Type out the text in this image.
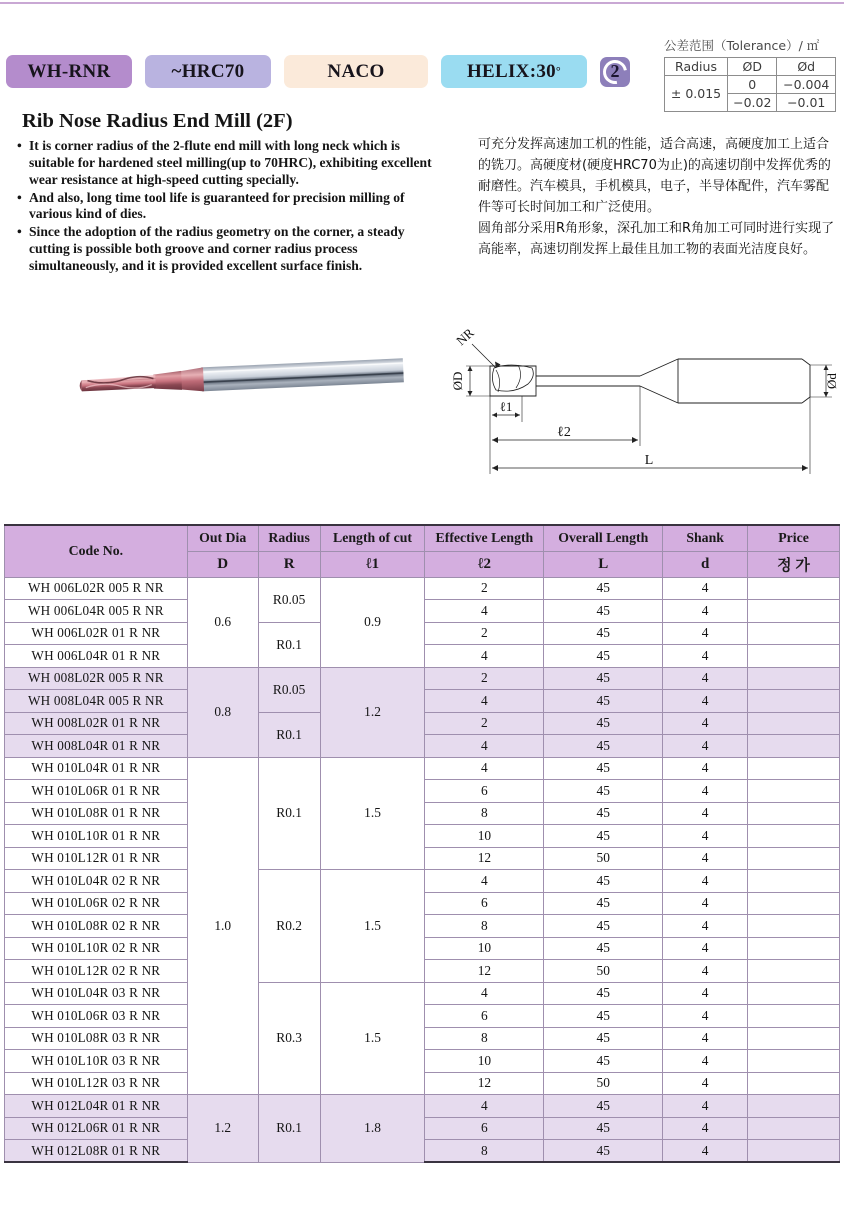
WH-RNR	~HRC70	NACO	HELIX:30 °	2
公差范围（Tolerance）/ ㎡
Radius	ØD	Ød
± 0.015	0	−0.004
	−0.02	−0.01
Rib Nose Radius End Mill (2F)
• It is corner radius of the 2-flute end mill with long neck which is suitable for hardened steel milling(up to 70HRC), exhibiting excellent wear resistance at high-speed cutting specially.
• And also, long time tool life is guaranteed for precision milling of various kind of dies.
• Since the adoption of the radius geometry on the corner, a steady cutting is possible both groove and corner radius process simultaneously, and it is provided excellent surface finish.

可充分发挥高速加工机的性能，适合高速，高硬度加工上适合的铣刀。高硬度材(硬度HRC70为止)的高速切削中发挥优秀的耐磨性。汽车模具，手机模具，电子，半导体配件，汽车雾配件等可长时间加工和广泛使用。

圆角部分采用R角形象，深孔加工和R角加工可同时进行实现了高能率，高速切削发挥上最佳且加工物的表面光洁度良好。

ØD	Ød
NR
ℓ1
ℓ2
L
Code No.	Out Dia	Radius	Length of cut	Effective Length	Overall Length	Shank	Price
	D	R	ℓ1	ℓ2	L	d	정 가
WH 006L02R 005 R NR	0.6	R0.05	0.9	2	45	4	
WH 006L04R 005 R NR				4	45	4	
WH 006L02R 01 R NR		R0.1		2	45	4	
WH 006L04R 01 R NR				4	45	4	
WH 008L02R 005 R NR	0.8	R0.05	1.2	2	45	4	
WH 008L04R 005 R NR				4	45	4	
WH 008L02R 01 R NR		R0.1		2	45	4	
WH 008L04R 01 R NR				4	45	4	
WH 010L04R 01 R NR	1.0	R0.1	1.5	4	45	4	
WH 010L06R 01 R NR				6	45	4	
WH 010L08R 01 R NR				8	45	4	
WH 010L10R 01 R NR				10	45	4	
WH 010L12R 01 R NR				12	50	4	
WH 010L04R 02 R NR		R0.2	1.5	4	45	4	
WH 010L06R 02 R NR				6	45	4	
WH 010L08R 02 R NR				8	45	4	
WH 010L10R 02 R NR				10	45	4	
WH 010L12R 02 R NR				12	50	4	
WH 010L04R 03 R NR		R0.3	1.5	4	45	4	
WH 010L06R 03 R NR				6	45	4	
WH 010L08R 03 R NR				8	45	4	
WH 010L10R 03 R NR				10	45	4	
WH 010L12R 03 R NR				12	50	4	
WH 012L04R 01 R NR	1.2	R0.1	1.8	4	45	4	
WH 012L06R 01 R NR				6	45	4	
WH 012L08R 01 R NR				8	45	4	
